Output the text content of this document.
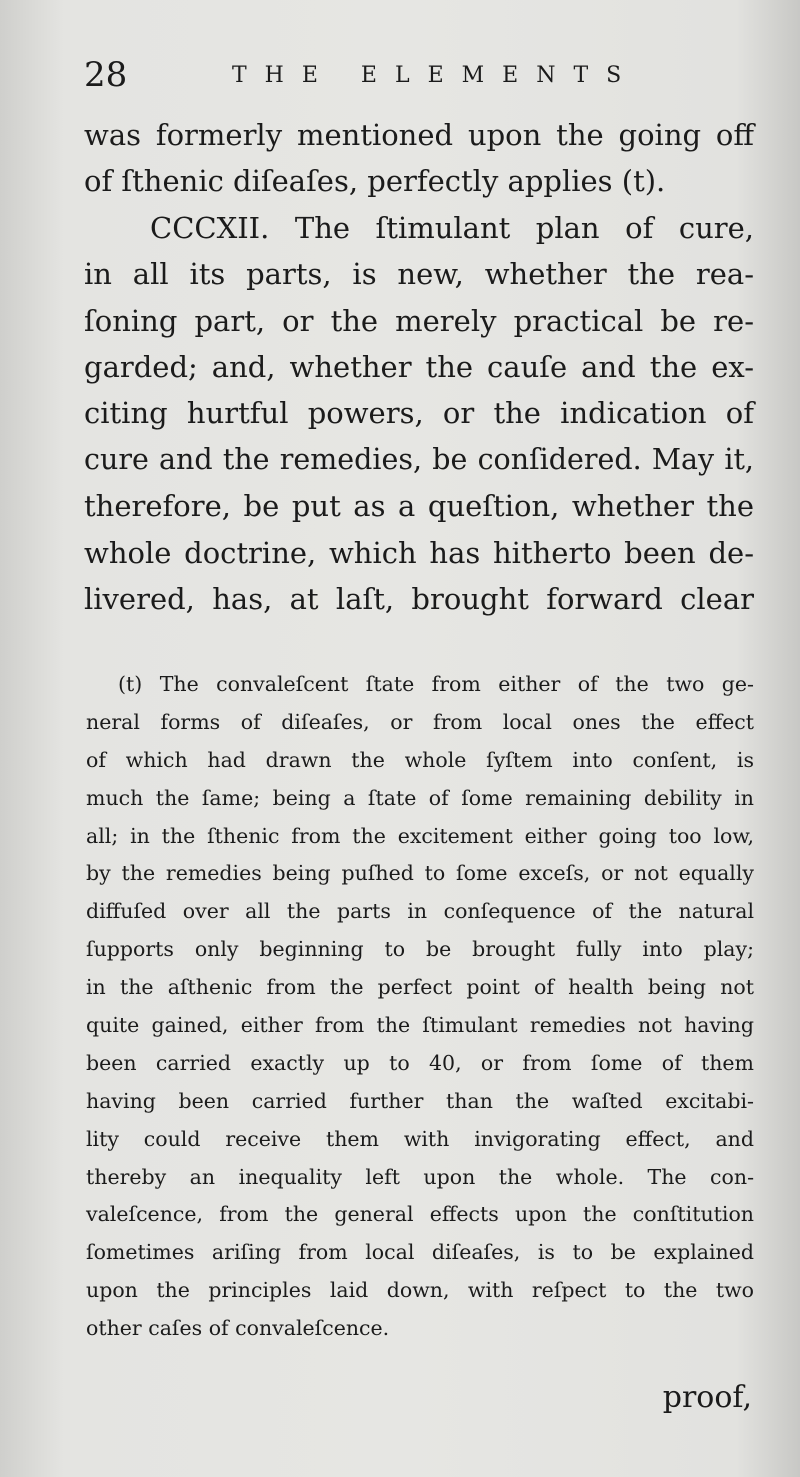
28	THE ELEMENTS
was formerly mentioned upon the going off
of ſthenic diſeaſes, perfectly applies (t).
CCCXII. The ſtimulant plan of cure,
in all its parts, is new, whether the rea-
ſoning part, or the merely practical be re-
garded; and, whether the cauſe and the ex-
citing hurtful powers, or the indication of
cure and the remedies, be conſidered. May it,
therefore, be put as a queſtion, whether the
whole doctrine, which has hitherto been de-
livered, has, at laſt, brought forward clear
(t) The convaleſcent ſtate from either of the two ge-
neral forms of diſeaſes, or from local ones the effect
of which had drawn the whole ſyſtem into conſent, is
much the ſame; being a ſtate of ſome remaining debility in
all; in the ſthenic from the excitement either going too low,
by the remedies being puſhed to ſome exceſs, or not equally
diffuſed over all the parts in conſequence of the natural
ſupports only beginning to be brought fully into play;
in the aſthenic from the perfect point of health being not
quite gained, either from the ſtimulant remedies not having
been carried exactly up to 40, or from ſome of them
having been carried further than the waſted excitabi-
lity could receive them with invigorating effect, and
thereby an inequality left upon the whole. The con-
valeſcence, from the general effects upon the conſtitution
ſometimes ariſing from local diſeaſes, is to be explained
upon the principles laid down, with reſpect to the two
other caſes of convaleſcence.
proof,
